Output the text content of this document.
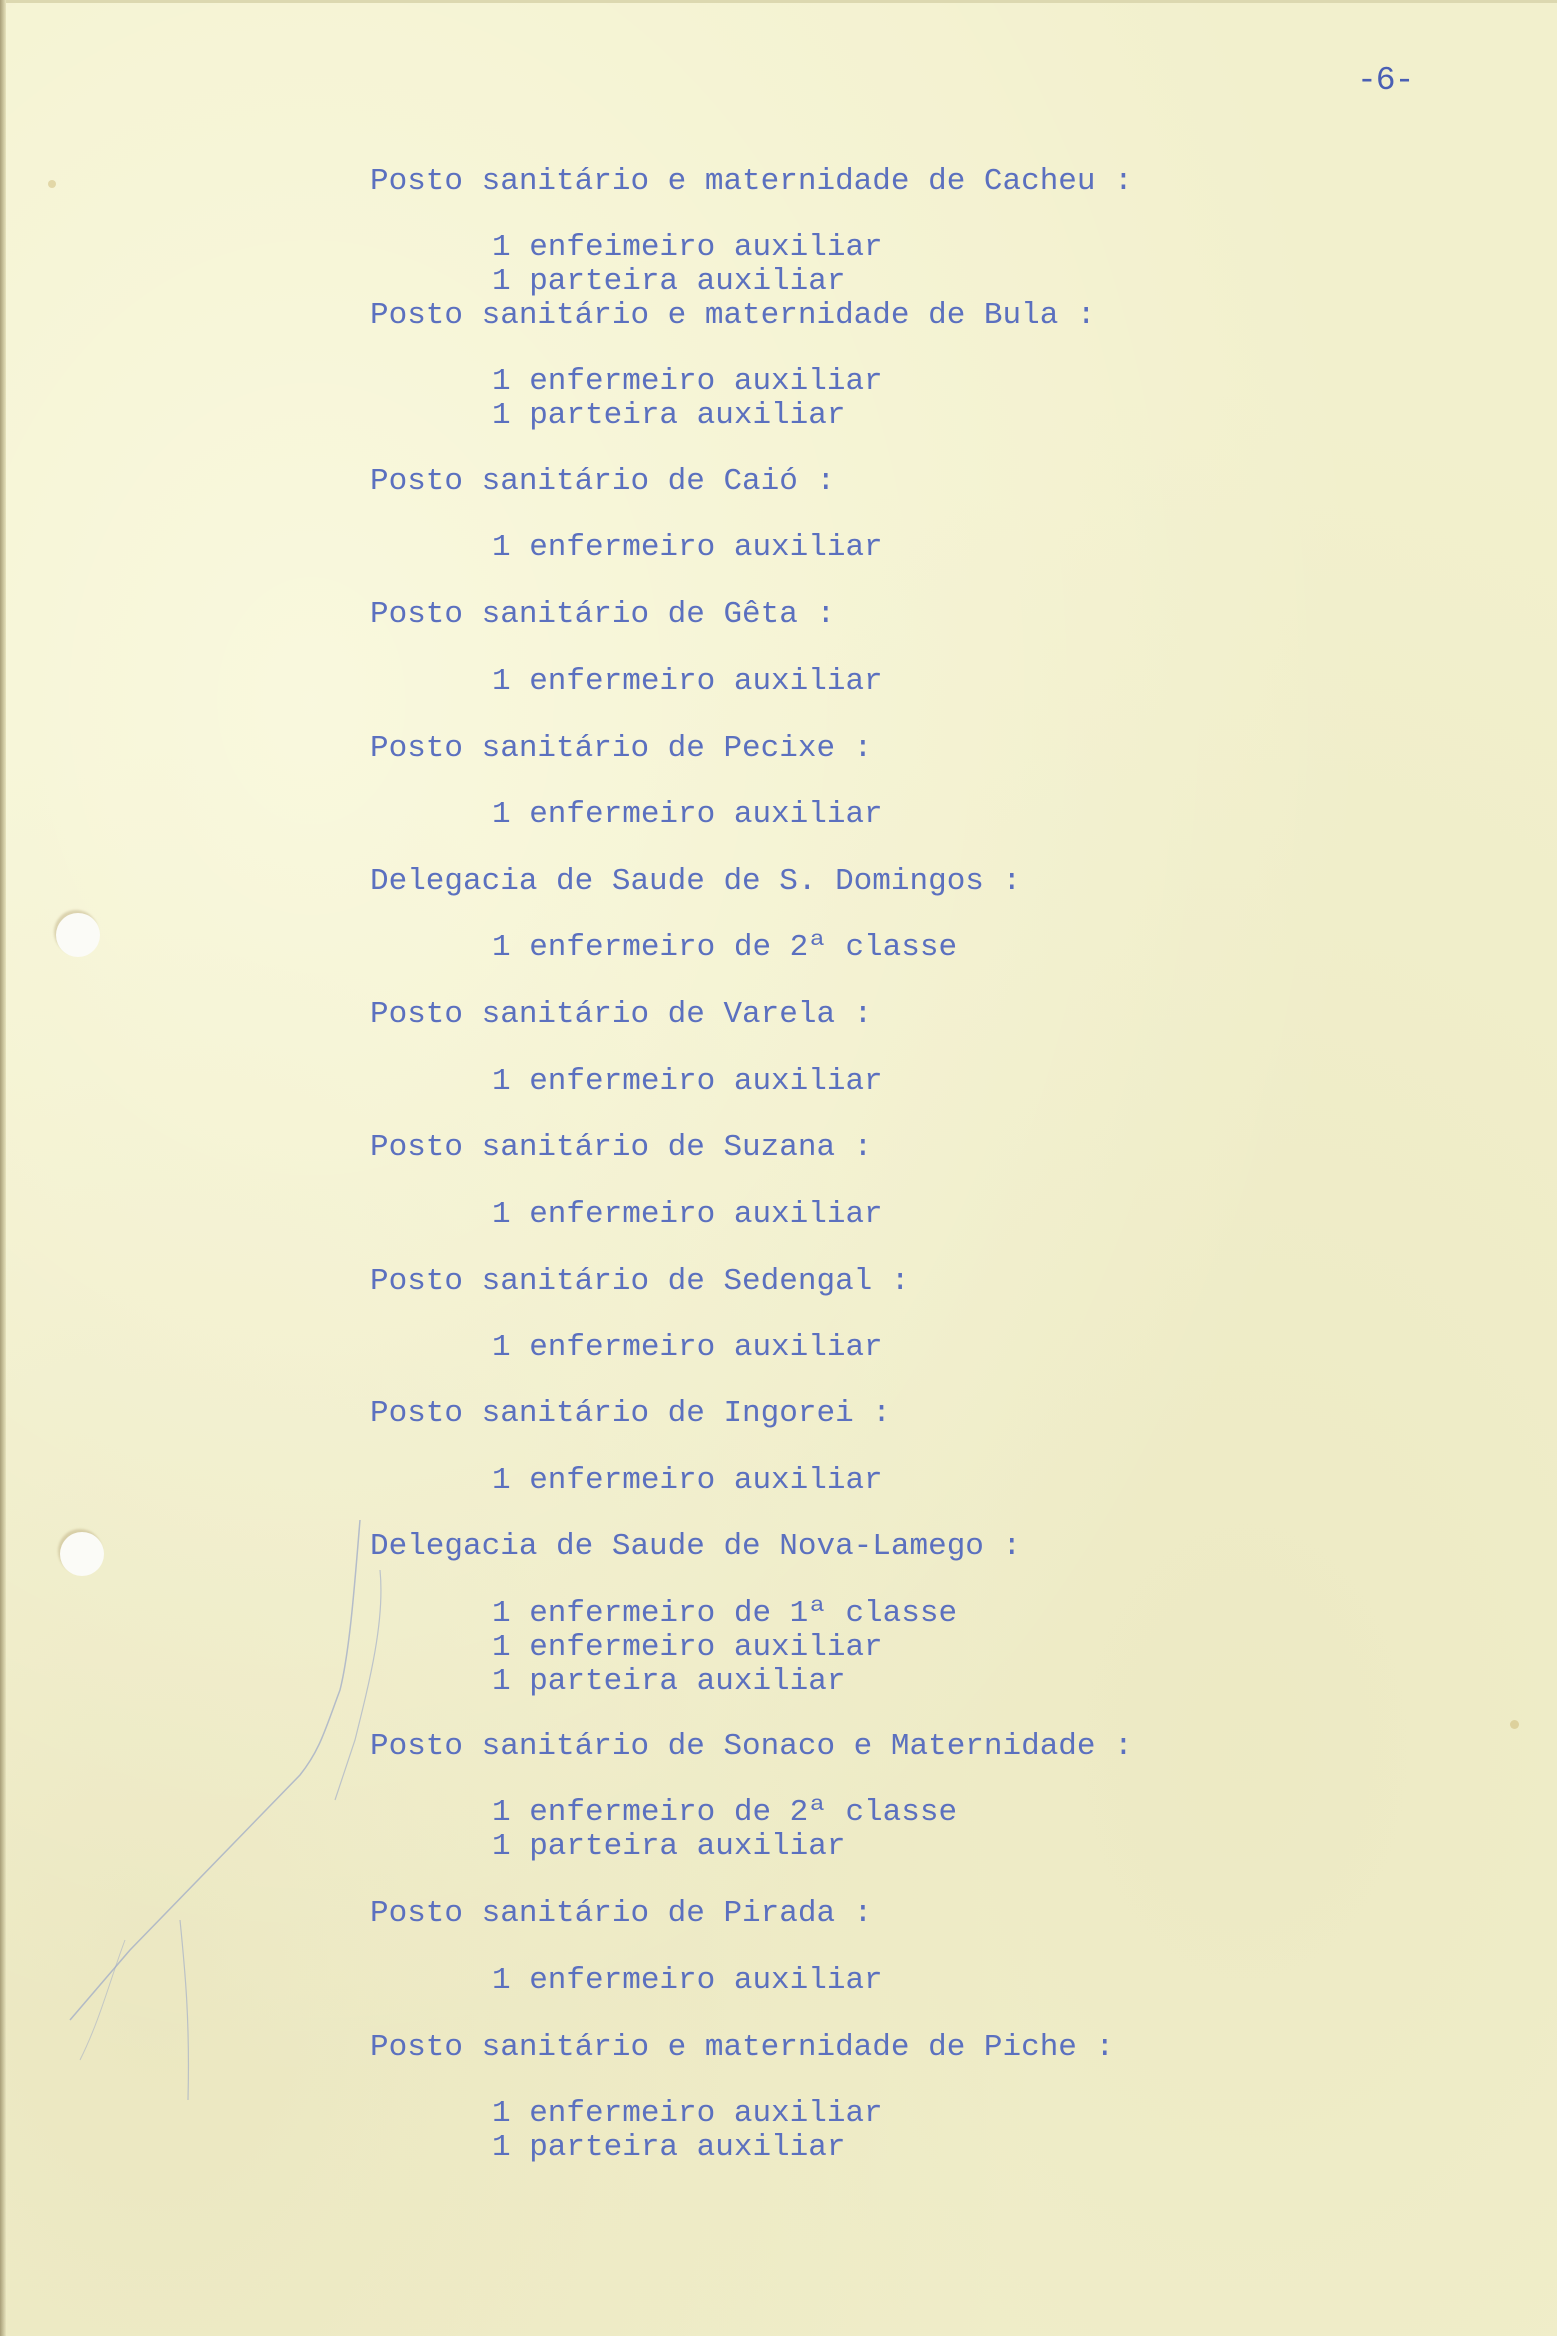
-6-
Posto sanitário e maternidade de Cacheu :
1 enfeimeiro auxiliar
1 parteira auxiliar
Posto sanitário e maternidade de Bula :
1 enfermeiro auxiliar
1 parteira auxiliar
Posto sanitário de Caió :
1 enfermeiro auxiliar
Posto sanitário de Gêta :
1 enfermeiro auxiliar
Posto sanitário de Pecixe :
1 enfermeiro auxiliar
Delegacia de Saude de S. Domingos :
1 enfermeiro de 2ª classe
Posto sanitário de Varela :
1 enfermeiro auxiliar
Posto sanitário de Suzana :
1 enfermeiro auxiliar
Posto sanitário de Sedengal :
1 enfermeiro auxiliar
Posto sanitário de Ingorei :
1 enfermeiro auxiliar
Delegacia de Saude de Nova-Lamego :
1 enfermeiro de 1ª classe
1 enfermeiro auxiliar
1 parteira auxiliar
Posto sanitário de Sonaco e Maternidade :
1 enfermeiro de 2ª classe
1 parteira auxiliar
Posto sanitário de Pirada :
1 enfermeiro auxiliar
Posto sanitário e maternidade de Piche :
1 enfermeiro auxiliar
1 parteira auxiliar
